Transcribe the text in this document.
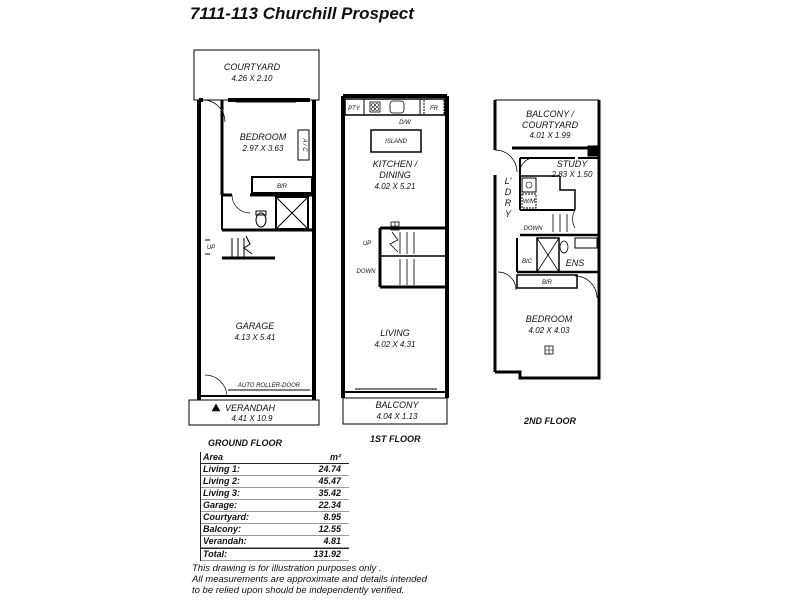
7111-113 Churchill Prospect
COURTYARD
4.26 X 2.10
BEDROOM
2.97 X 3.63	A / C
BIR
UP
GARAGE
4.13 X 5.41
AUTO ROLLER-DOOR
VERANDAH
4.41 X 10.9
PTY	FR
D/W
ISLAND
KITCHEN /
DINING
4.02 X 5.21
UP
DOWN
LIVING
4.02 X 4.31
BALCONY
4.04 X 1.13
BALCONY /
COURTYARD
4.01 X 1.99
STUDY
2.83 X 1.50
L'
D
R
Y
W/M
DOWN
BIC	ENS
BIR
BEDROOM
4.02 X 4.03
GROUND FLOOR	1ST FLOOR
2ND FLOOR
Area	m²
Living 1:	24.74
Living 2:	45.47
Living 3:	35.42
Garage:	22.34
Courtyard:	8.95
Balcony:	12.55
Verandah:	4.81
Total:	131.92
This drawing is for illustration purposes only .
All measurements are approximate and details intended
to be relied upon should be independently verified.
